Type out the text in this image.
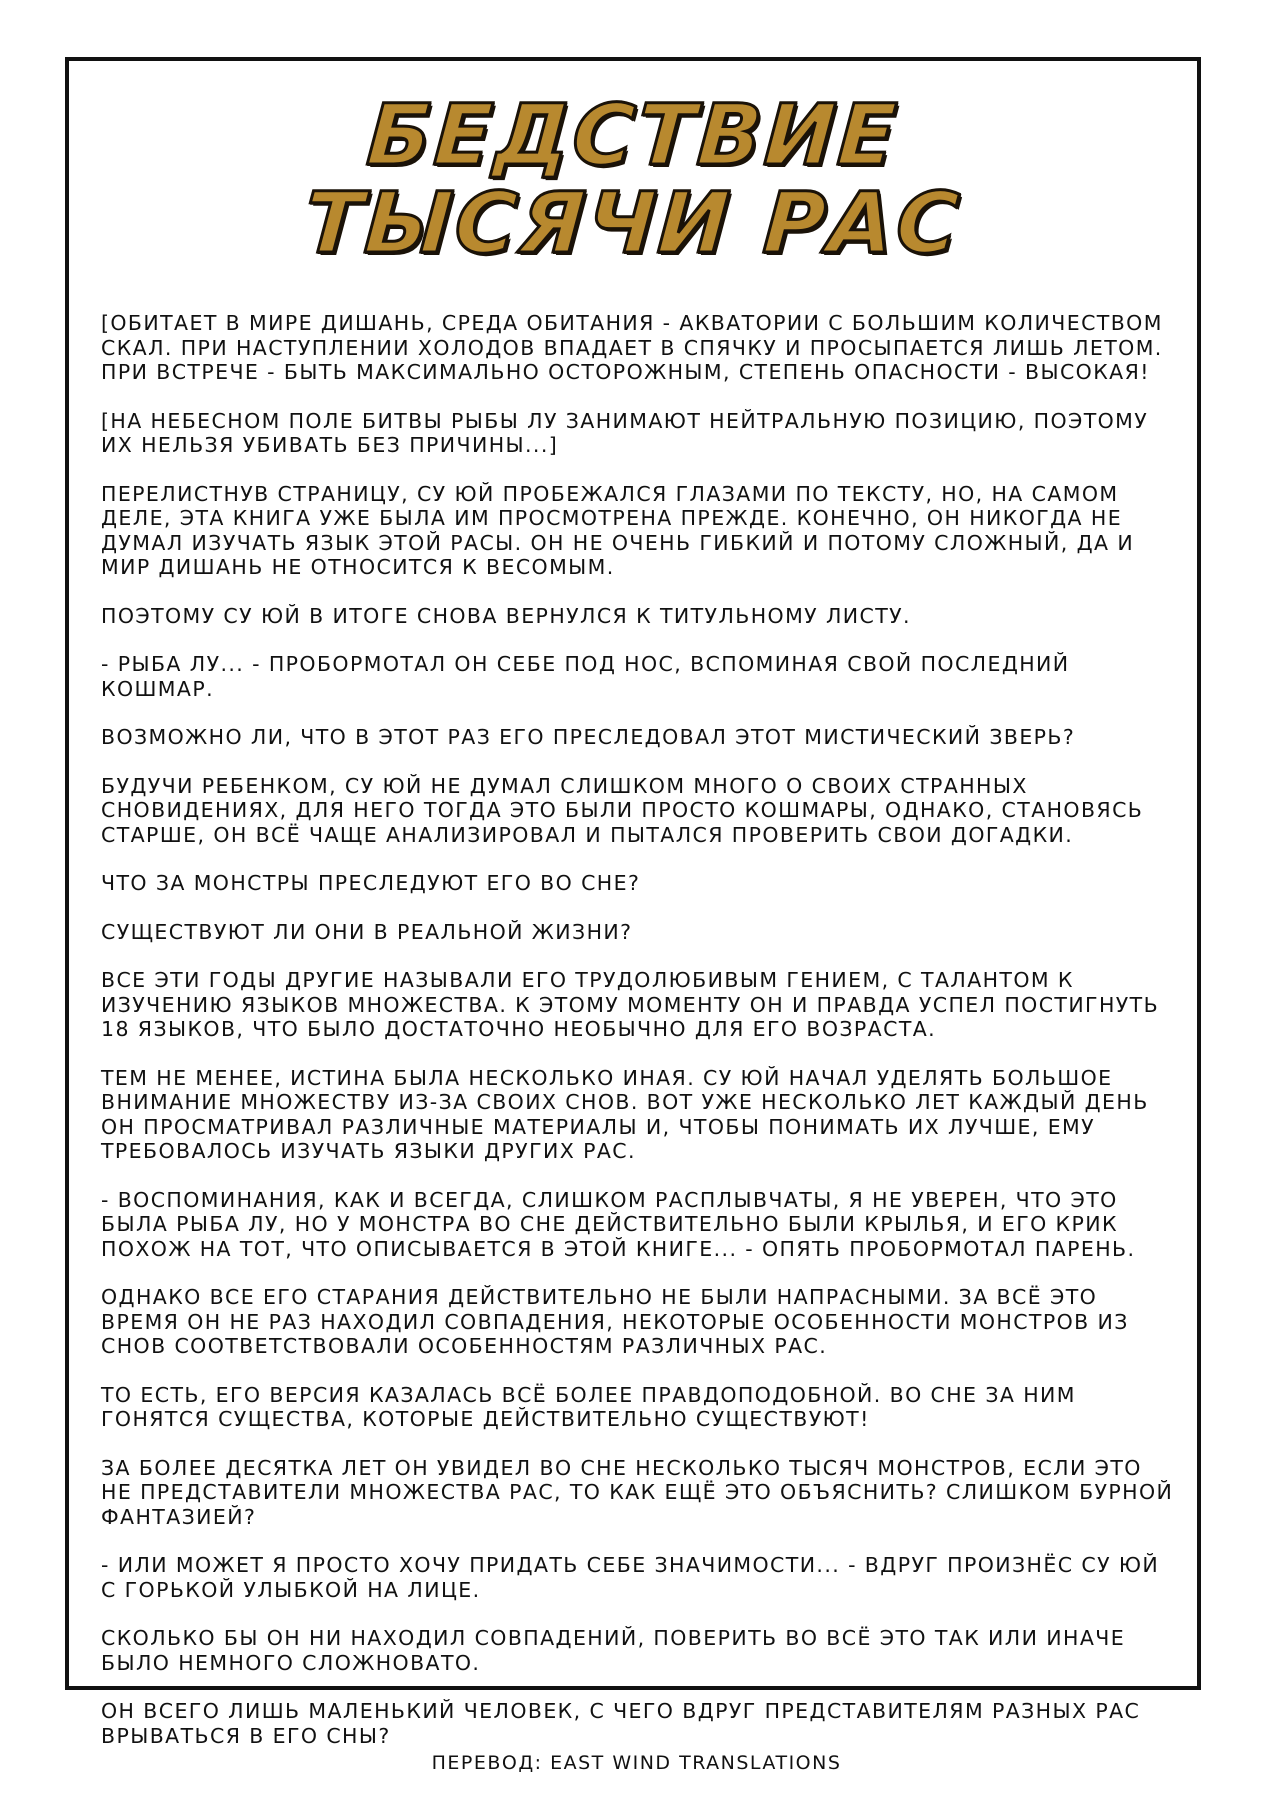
БЕДСТВИЕ
ТЫСЯЧИ РАС

[ОБИТАЕТ В МИРЕ ДИШАНЬ, СРЕДА ОБИТАНИЯ - АКВАТОРИИ С БОЛЬШИМ КОЛИЧЕСТВОМ СКАЛ. ПРИ НАСТУПЛЕНИИ ХОЛОДОВ ВПАДАЕТ В СПЯЧКУ И ПРОСЫПАЕТСЯ ЛИШЬ ЛЕТОМ. ПРИ ВСТРЕЧЕ - БЫТЬ МАКСИМАЛЬНО ОСТОРОЖНЫМ, СТЕПЕНЬ ОПАСНОСТИ - ВЫСОКАЯ!

[НА НЕБЕСНОМ ПОЛЕ БИТВЫ РЫБЫ ЛУ ЗАНИМАЮТ НЕЙТРАЛЬНУЮ ПОЗИЦИЮ, ПОЭТОМУ ИХ НЕЛЬЗЯ УБИВАТЬ БЕЗ ПРИЧИНЫ...]

ПЕРЕЛИСТНУВ СТРАНИЦУ, СУ ЮЙ ПРОБЕЖАЛСЯ ГЛАЗАМИ ПО ТЕКСТУ, НО, НА САМОМ ДЕЛЕ, ЭТА КНИГА УЖЕ БЫЛА ИМ ПРОСМОТРЕНА ПРЕЖДЕ. КОНЕЧНО, ОН НИКОГДА НЕ ДУМАЛ ИЗУЧАТЬ ЯЗЫК ЭТОЙ РАСЫ. ОН НЕ ОЧЕНЬ ГИБКИЙ И ПОТОМУ СЛОЖНЫЙ, ДА И МИР ДИШАНЬ НЕ ОТНОСИТСЯ К ВЕСОМЫМ.

ПОЭТОМУ СУ ЮЙ В ИТОГЕ СНОВА ВЕРНУЛСЯ К ТИТУЛЬНОМУ ЛИСТУ.

- РЫБА ЛУ... - ПРОБОРМОТАЛ ОН СЕБЕ ПОД НОС, ВСПОМИНАЯ СВОЙ ПОСЛЕДНИЙ КОШМАР.

ВОЗМОЖНО ЛИ, ЧТО В ЭТОТ РАЗ ЕГО ПРЕСЛЕДОВАЛ ЭТОТ МИСТИЧЕСКИЙ ЗВЕРЬ?

БУДУЧИ РЕБЕНКОМ, СУ ЮЙ НЕ ДУМАЛ СЛИШКОМ МНОГО О СВОИХ СТРАННЫХ СНОВИДЕНИЯХ, ДЛЯ НЕГО ТОГДА ЭТО БЫЛИ ПРОСТО КОШМАРЫ, ОДНАКО, СТАНОВЯСЬ СТАРШЕ, ОН ВСЁ ЧАЩЕ АНАЛИЗИРОВАЛ И ПЫТАЛСЯ ПРОВЕРИТЬ СВОИ ДОГАДКИ.

ЧТО ЗА МОНСТРЫ ПРЕСЛЕДУЮТ ЕГО ВО СНЕ?

СУЩЕСТВУЮТ ЛИ ОНИ В РЕАЛЬНОЙ ЖИЗНИ?

ВСЕ ЭТИ ГОДЫ ДРУГИЕ НАЗЫВАЛИ ЕГО ТРУДОЛЮБИВЫМ ГЕНИЕМ, С ТАЛАНТОМ К ИЗУЧЕНИЮ ЯЗЫКОВ МНОЖЕСТВА. К ЭТОМУ МОМЕНТУ ОН И ПРАВДА УСПЕЛ ПОСТИГНУТЬ 18 ЯЗЫКОВ, ЧТО БЫЛО ДОСТАТОЧНО НЕОБЫЧНО ДЛЯ ЕГО ВОЗРАСТА.

ТЕМ НЕ МЕНЕЕ, ИСТИНА БЫЛА НЕСКОЛЬКО ИНАЯ. СУ ЮЙ НАЧАЛ УДЕЛЯТЬ БОЛЬШОЕ ВНИМАНИЕ МНОЖЕСТВУ ИЗ-ЗА СВОИХ СНОВ. ВОТ УЖЕ НЕСКОЛЬКО ЛЕТ КАЖДЫЙ ДЕНЬ ОН ПРОСМАТРИВАЛ РАЗЛИЧНЫЕ МАТЕРИАЛЫ И, ЧТОБЫ ПОНИМАТЬ ИХ ЛУЧШЕ, ЕМУ ТРЕБОВАЛОСЬ ИЗУЧАТЬ ЯЗЫКИ ДРУГИХ РАС.

- ВОСПОМИНАНИЯ, КАК И ВСЕГДА, СЛИШКОМ РАСПЛЫВЧАТЫ, Я НЕ УВЕРЕН, ЧТО ЭТО БЫЛА РЫБА ЛУ, НО У МОНСТРА ВО СНЕ ДЕЙСТВИТЕЛЬНО БЫЛИ КРЫЛЬЯ, И ЕГО КРИК ПОХОЖ НА ТОТ, ЧТО ОПИСЫВАЕТСЯ В ЭТОЙ КНИГЕ... - ОПЯТЬ ПРОБОРМОТАЛ ПАРЕНЬ.

ОДНАКО ВСЕ ЕГО СТАРАНИЯ ДЕЙСТВИТЕЛЬНО НЕ БЫЛИ НАПРАСНЫМИ. ЗА ВСЁ ЭТО ВРЕМЯ ОН НЕ РАЗ НАХОДИЛ СОВПАДЕНИЯ, НЕКОТОРЫЕ ОСОБЕННОСТИ МОНСТРОВ ИЗ СНОВ СООТВЕТСТВОВАЛИ ОСОБЕННОСТЯМ РАЗЛИЧНЫХ РАС.

ТО ЕСТЬ, ЕГО ВЕРСИЯ КАЗАЛАСЬ ВСЁ БОЛЕЕ ПРАВДОПОДОБНОЙ. ВО СНЕ ЗА НИМ ГОНЯТСЯ СУЩЕСТВА, КОТОРЫЕ ДЕЙСТВИТЕЛЬНО СУЩЕСТВУЮТ!

ЗА БОЛЕЕ ДЕСЯТКА ЛЕТ ОН УВИДЕЛ ВО СНЕ НЕСКОЛЬКО ТЫСЯЧ МОНСТРОВ, ЕСЛИ ЭТО НЕ ПРЕДСТАВИТЕЛИ МНОЖЕСТВА РАС, ТО КАК ЕЩЁ ЭТО ОБЪЯСНИТЬ? СЛИШКОМ БУРНОЙ ФАНТАЗИЕЙ?

- ИЛИ МОЖЕТ Я ПРОСТО ХОЧУ ПРИДАТЬ СЕБЕ ЗНАЧИМОСТИ... - ВДРУГ ПРОИЗНЁС СУ ЮЙ С ГОРЬКОЙ УЛЫБКОЙ НА ЛИЦЕ.

СКОЛЬКО БЫ ОН НИ НАХОДИЛ СОВПАДЕНИЙ, ПОВЕРИТЬ ВО ВСЁ ЭТО ТАК ИЛИ ИНАЧЕ БЫЛО НЕМНОГО СЛОЖНОВАТО.

ОН ВСЕГО ЛИШЬ МАЛЕНЬКИЙ ЧЕЛОВЕК, С ЧЕГО ВДРУГ ПРЕДСТАВИТЕЛЯМ РАЗНЫХ РАС ВРЫВАТЬСЯ В ЕГО СНЫ?

ПЕРЕВОД: EAST WIND TRANSLATIONS
